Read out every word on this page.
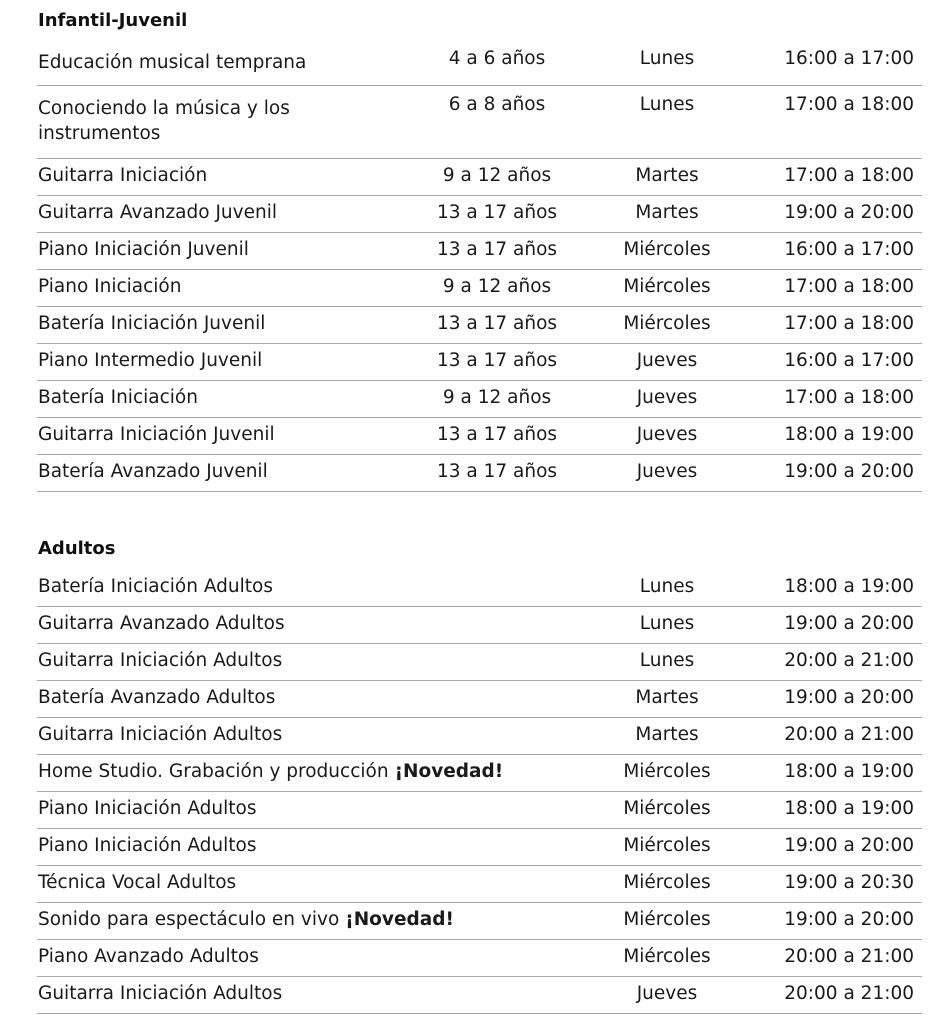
Infantil-Juvenil
Educación musical temprana	4 a 6 años	Lunes	16:00 a 17:00
Conociendo la música y los instrumentos
6 a 8 años	Lunes	17:00 a 18:00
Guitarra Iniciación	9 a 12 años	Martes	17:00 a 18:00
Guitarra Avanzado Juvenil	13 a 17 años	Martes	19:00 a 20:00
Piano Iniciación Juvenil	13 a 17 años	Miércoles	16:00 a 17:00
Piano Iniciación	9 a 12 años	Miércoles	17:00 a 18:00
Batería Iniciación Juvenil	13 a 17 años	Miércoles	17:00 a 18:00
Piano Intermedio Juvenil	13 a 17 años	Jueves	16:00 a 17:00
Batería Iniciación	9 a 12 años	Jueves	17:00 a 18:00
Guitarra Iniciación Juvenil	13 a 17 años	Jueves	18:00 a 19:00
Batería Avanzado Juvenil	13 a 17 años	Jueves	19:00 a 20:00
Adultos
Batería Iniciación Adultos	Lunes	18:00 a 19:00
Guitarra Avanzado Adultos	Lunes	19:00 a 20:00
Guitarra Iniciación Adultos	Lunes	20:00 a 21:00
Batería Avanzado Adultos	Martes	19:00 a 20:00
Guitarra Iniciación Adultos	Martes	20:00 a 21:00
Home Studio. Grabación y producción ¡Novedad!	Miércoles	18:00 a 19:00
Piano Iniciación Adultos	Miércoles	18:00 a 19:00
Piano Iniciación Adultos	Miércoles	19:00 a 20:00
Técnica Vocal Adultos	Miércoles	19:00 a 20:30
Sonido para espectáculo en vivo ¡Novedad!	Miércoles	19:00 a 20:00
Piano Avanzado Adultos	Miércoles	20:00 a 21:00
Guitarra Iniciación Adultos	Jueves	20:00 a 21:00
